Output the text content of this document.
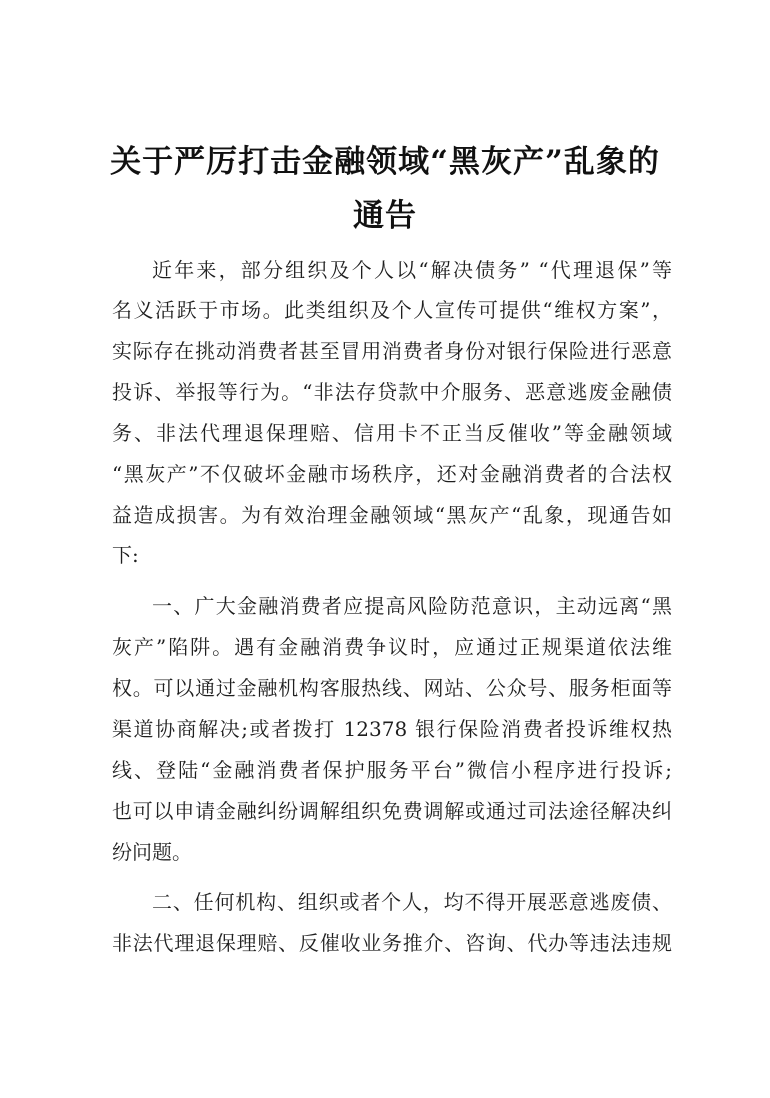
关于严厉打击金融领域“黑灰产”乱象的
通告
近年来，部分组织及个人以“解决债务” “代理退保”等
名义活跃于市场。此类组织及个人宣传可提供“维权方案”，
实际存在挑动消费者甚至冒用消费者身份对银行保险进行恶意
投诉、举报等行为。“非法存贷款中介服务、恶意逃废金融债
务、非法代理退保理赔、信用卡不正当反催收”等金融领域
“黑灰产”不仅破坏金融市场秩序，还对金融消费者的合法权
益造成损害。为有效治理金融领域“黑灰产“乱象，现通告如
下:
一、广大金融消费者应提高风险防范意识，主动远离“黑
灰产”陷阱。遇有金融消费争议时，应通过正规渠道依法维
权。可以通过金融机构客服热线、网站、公众号、服务柜面等
渠道协商解决;或者拨打 12378 银行保险消费者投诉维权热
线、登陆“金融消费者保护服务平台”微信小程序进行投诉;
也可以申请金融纠纷调解组织免费调解或通过司法途径解决纠
纷问题。
二、任何机构、组织或者个人，均不得开展恶意逃废债、
非法代理退保理赔、反催收业务推介、咨询、代办等违法违规
